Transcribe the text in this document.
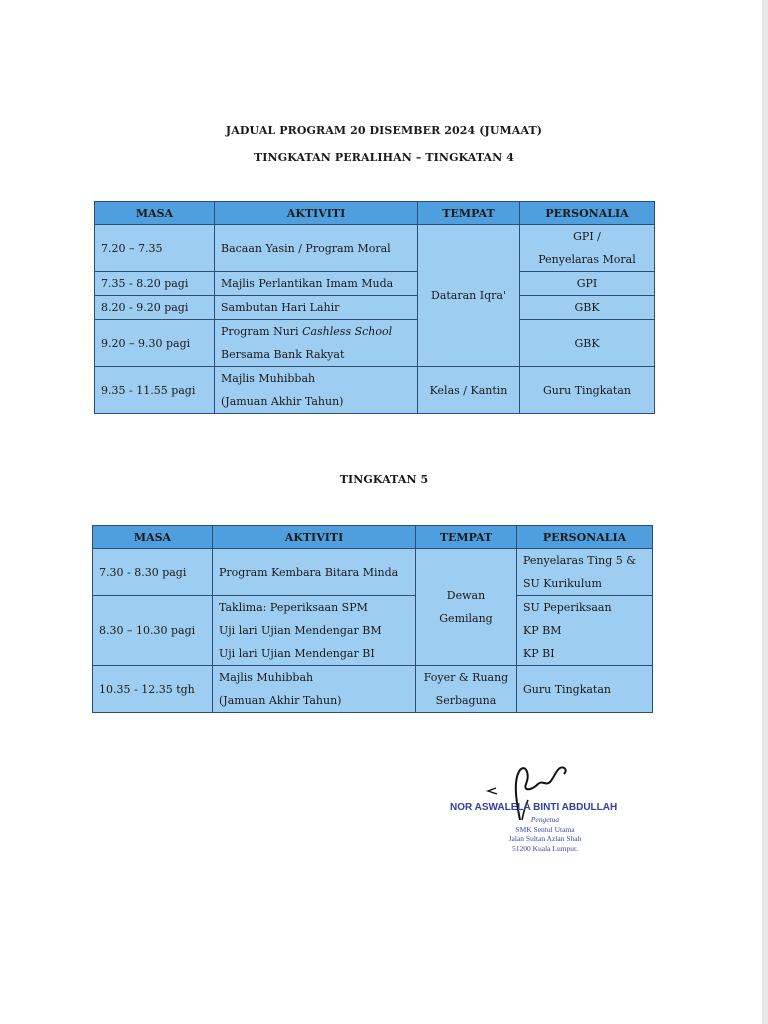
JADUAL PROGRAM 20 DISEMBER 2024 (JUMAAT)
TINGKATAN PERALIHAN – TINGKATAN 4
MASA	AKTIVITI	TEMPAT	PERSONALIA
7.20 – 7.35	Bacaan Yasin / Program Moral	Dataran Iqra'	GPI /
Penyelaras Moral

7.35 - 8.20 pagi	Majlis Perlantikan Imam Muda		GPI
8.20 - 9.20 pagi	Sambutan Hari Lahir		GBK
9.20 – 9.30 pagi	Program Nuri Cashless School
Bersama Bank Rakyat		GBK
9.35 - 11.55 pagi	Majlis Muhibbah
(Jamuan Akhir Tahun)	Kelas / Kantin	Guru Tingkatan
TINGKATAN 5
MASA	AKTIVITI	TEMPAT	PERSONALIA
7.30 - 8.30 pagi	Program Kembara Bitara Minda	Dewan
Gemilang	Penyelaras Ting 5 &
SU Kurikulum

8.30 – 10.30 pagi	Taklima: Peperiksaan SPM
Uji lari Ujian Mendengar BM
Uji lari Ujian Mendengar BI		SU Peperiksaan
KP BM
KP BI

10.35 - 12.35 tgh	Majlis Muhibbah
(Jamuan Akhir Tahun)	Foyer & Ruang
Serbaguna	Guru Tingkatan
NOR ASWALELA BINTI ABDULLAH
Pengetua
SMK Sentul Utama
Jalan Sultan Azlan Shah
51200 Kuala Lumpur.
